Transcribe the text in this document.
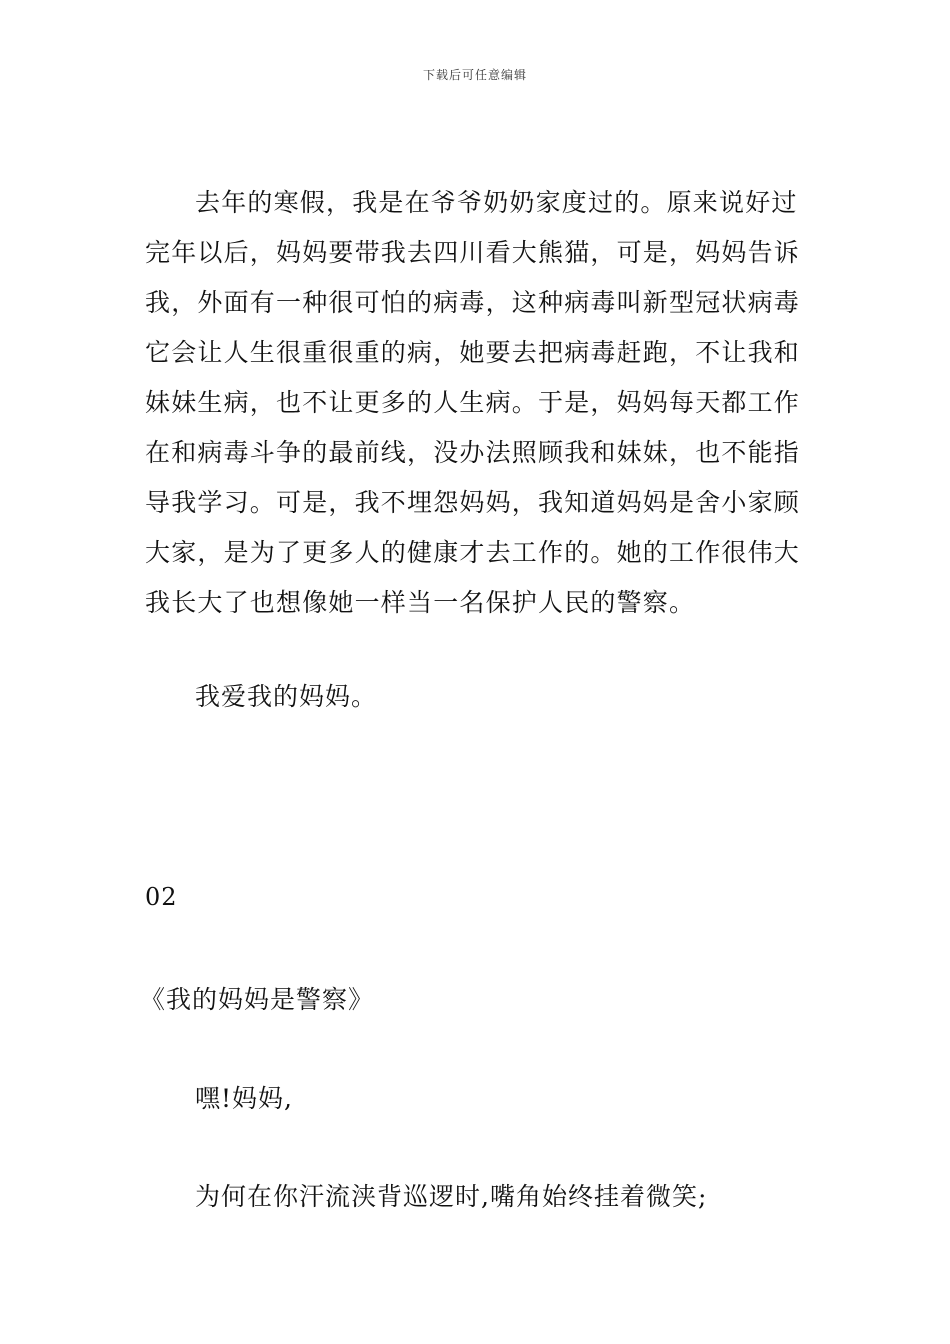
下载后可任意编辑
去年的寒假，我是在爷爷奶奶家度过的。原来说好过
完年以后，妈妈要带我去四川看大熊猫，可是，妈妈告诉
我，外面有一种很可怕的病毒，这种病毒叫新型冠状病毒
它会让人生很重很重的病，她要去把病毒赶跑，不让我和
妹妹生病，也不让更多的人生病。于是，妈妈每天都工作
在和病毒斗争的最前线，没办法照顾我和妹妹，也不能指
导我学习。可是，我不埋怨妈妈，我知道妈妈是舍小家顾
大家，是为了更多人的健康才去工作的。她的工作很伟大
我长大了也想像她一样当一名保护人民的警察。
我爱我的妈妈。
02
《我的妈妈是警察》
嘿!妈妈,
为何在你汗流浃背巡逻时,嘴角始终挂着微笑;
